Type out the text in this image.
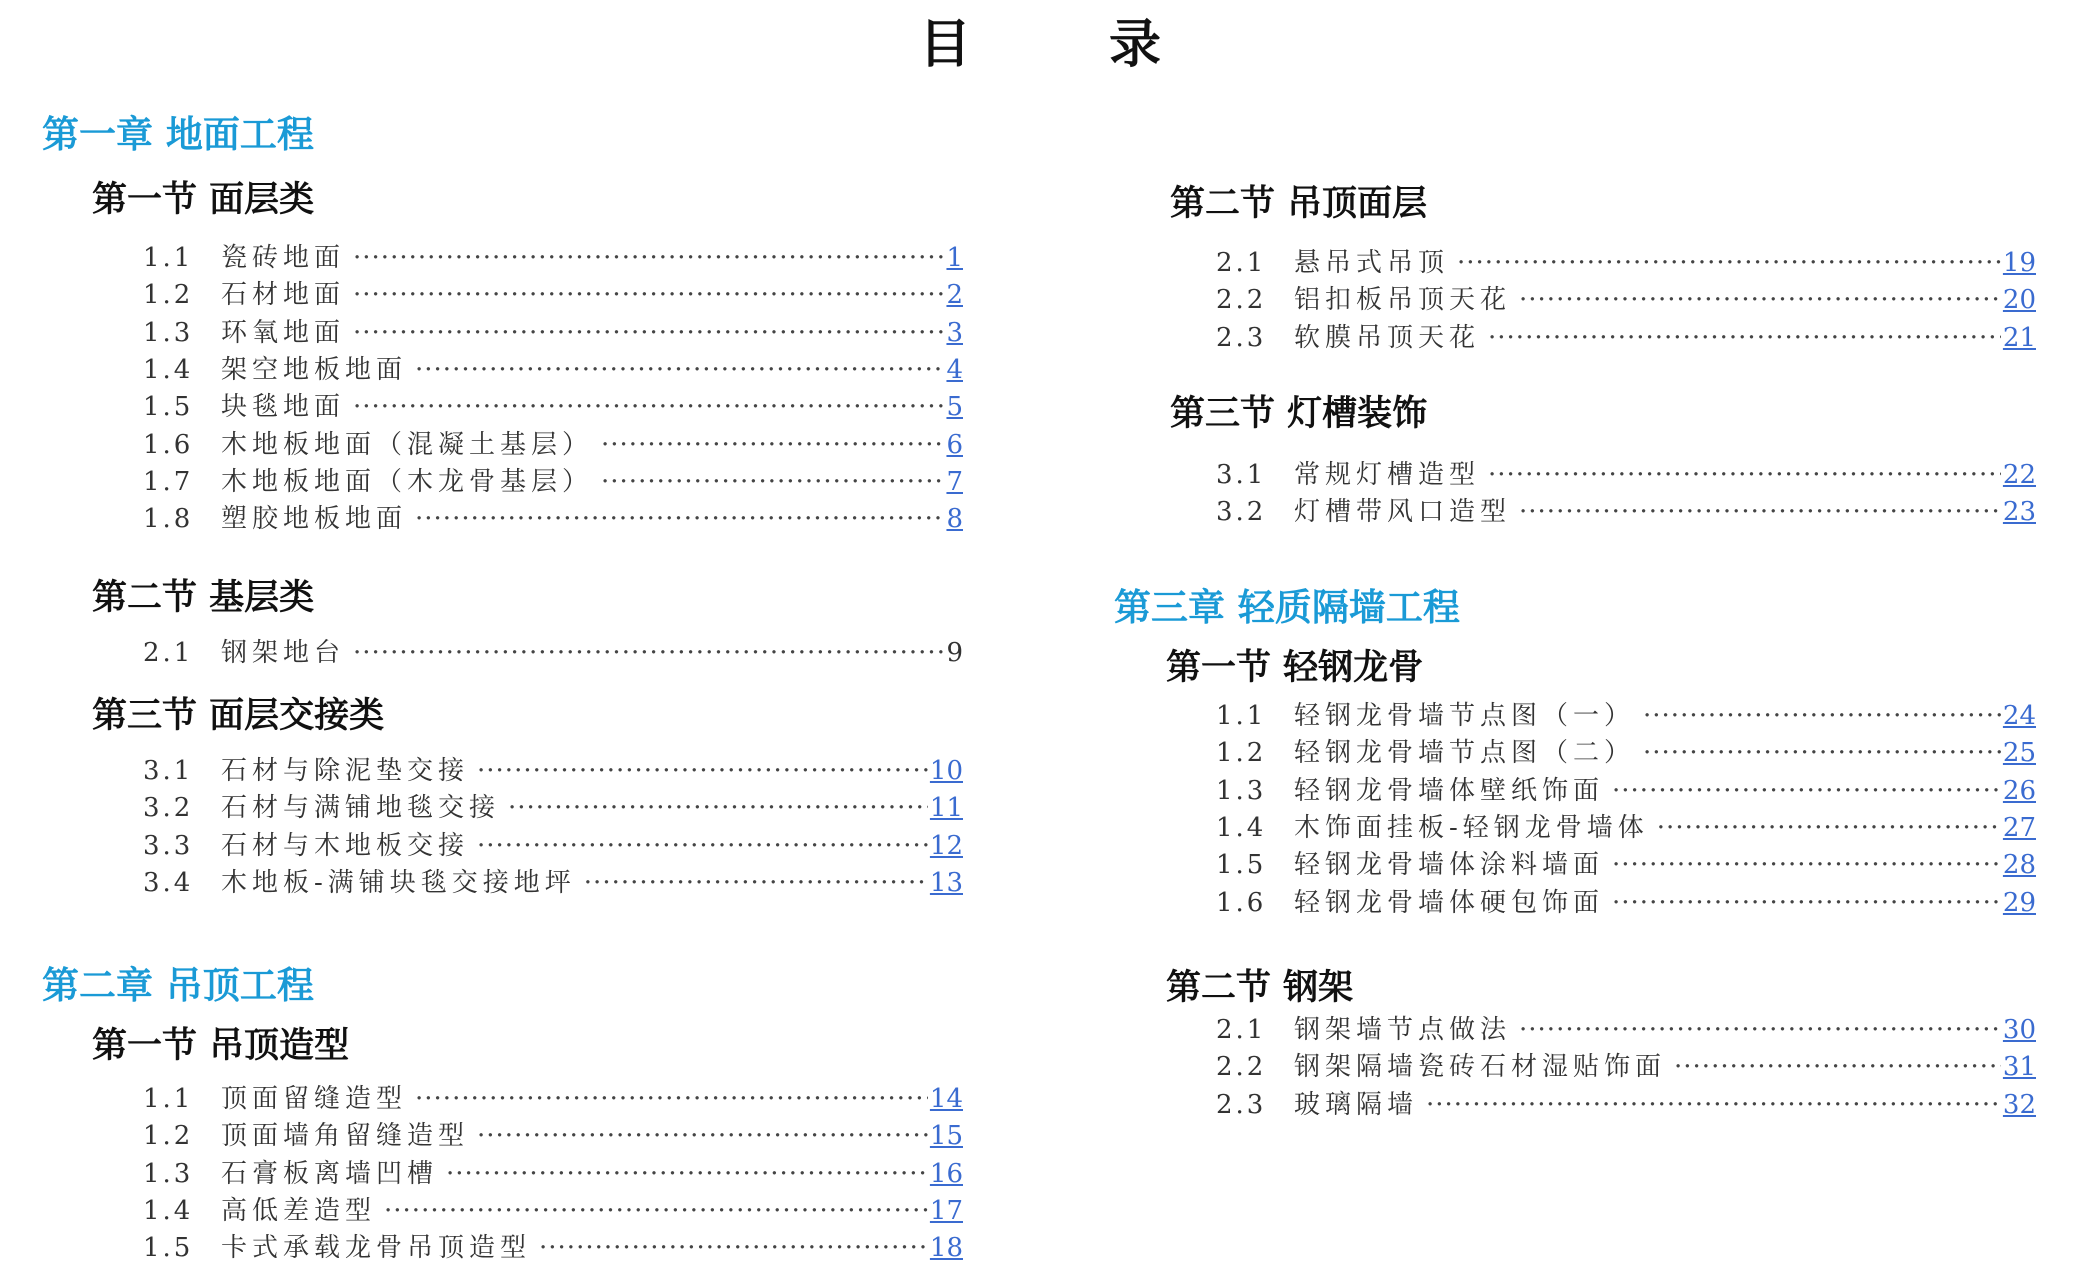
目 录
第一章 地面工程
第一节 面层类
1.1	瓷砖地面 ·····	1
1.2	石材地面 ·····	2
1.3	环氧地面 ·····	3
1.4	架空地板地面 ·····	4
1.5	块毯地面 ·····	5
1.6	木地板地面（混凝土基层） ·····	6
1.7	木地板地面（木龙骨基层） ·····	7
1.8	塑胶地板地面 ·····	8
第二节 基层类
2.1	钢架地台 ·····	9
第三节 面层交接类
3.1	石材与除泥垫交接 ·····	10
3.2	石材与满铺地毯交接 ·····	11
3.3	石材与木地板交接 ·····	12
3.4	木地板-满铺块毯交接地坪 ·····	13
第二章 吊顶工程
第一节 吊顶造型
1.1	顶面留缝造型 ·····	14
1.2	顶面墙角留缝造型 ·····	15
1.3	石膏板离墙凹槽 ·····	16
1.4	高低差造型 ·····	17
1.5	卡式承载龙骨吊顶造型 ·····	18
第二节 吊顶面层
2.1	悬吊式吊顶 ·····	19
2.2	铝扣板吊顶天花 ·····	20
2.3	软膜吊顶天花 ·····	21
第三节 灯槽装饰
3.1	常规灯槽造型 ·····	22
3.2	灯槽带风口造型 ·····	23
第三章 轻质隔墙工程
第一节 轻钢龙骨
1.1	轻钢龙骨墙节点图（一） ·····	24
1.2	轻钢龙骨墙节点图（二） ·····	25
1.3	轻钢龙骨墙体壁纸饰面 ·····	26
1.4	木饰面挂板-轻钢龙骨墙体 ·····	27
1.5	轻钢龙骨墙体涂料墙面 ·····	28
1.6	轻钢龙骨墙体硬包饰面 ·····	29
第二节 钢架
2.1	钢架墙节点做法 ·····	30
2.2	钢架隔墙瓷砖石材湿贴饰面 ·····	31
2.3	玻璃隔墙 ·····	32
